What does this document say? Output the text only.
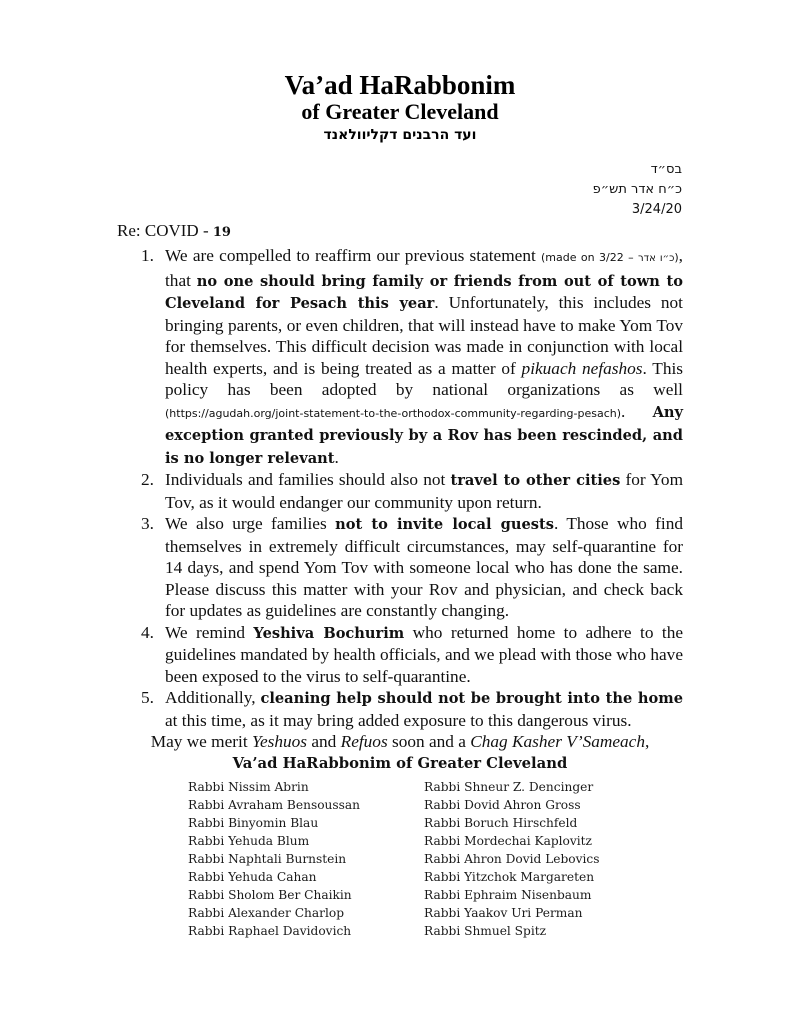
Va’ad HaRabbonim
of Greater Cleveland
ועד הרבנים דקליוולאנד
בס״ד
כ״ח אדר תש״פ
3/24/20
Re: COVID - 19
1. We are compelled to reaffirm our previous statement (made on 3/22 – כ״ו אדר), that no one should bring family or friends from out of town to Cleveland for Pesach this year. Unfortunately, this includes not bringing parents, or even children, that will instead have to make Yom Tov for themselves. This difficult decision was made in conjunction with local health experts, and is being treated as a matter of pikuach nefashos. This policy has been adopted by national organizations as well (https://agudah.org/joint-statement-to-the-orthodox-community-regarding-pesach). Any exception granted previously by a Rov has been rescinded, and is no longer relevant.

2. Individuals and families should also not travel to other cities for Yom Tov, as it would endanger our community upon return.

3. We also urge families not to invite local guests. Those who find themselves in extremely difficult circumstances, may self-quarantine for 14 days, and spend Yom Tov with someone local who has done the same. Please discuss this matter with your Rov and physician, and check back for updates as guidelines are constantly changing.

4. We remind Yeshiva Bochurim who returned home to adhere to the guidelines mandated by health officials, and we plead with those who have been exposed to the virus to self-quarantine.

5. Additionally, cleaning help should not be brought into the home at this time, as it may bring added exposure to this dangerous virus.

May we merit Yeshuos and Refuos soon and a Chag Kasher V’Sameach,
Va’ad HaRabbonim of Greater Cleveland
Rabbi Nissim Abrin
Rabbi Avraham Bensoussan
Rabbi Binyomin Blau
Rabbi Yehuda Blum
Rabbi Naphtali Burnstein
Rabbi Yehuda Cahan
Rabbi Sholom Ber Chaikin
Rabbi Alexander Charlop
Rabbi Raphael Davidovich
Rabbi Shneur Z. Dencinger
Rabbi Dovid Ahron Gross
Rabbi Boruch Hirschfeld
Rabbi Mordechai Kaplovitz
Rabbi Ahron Dovid Lebovics
Rabbi Yitzchok Margareten
Rabbi Ephraim Nisenbaum
Rabbi Yaakov Uri Perman
Rabbi Shmuel Spitz
